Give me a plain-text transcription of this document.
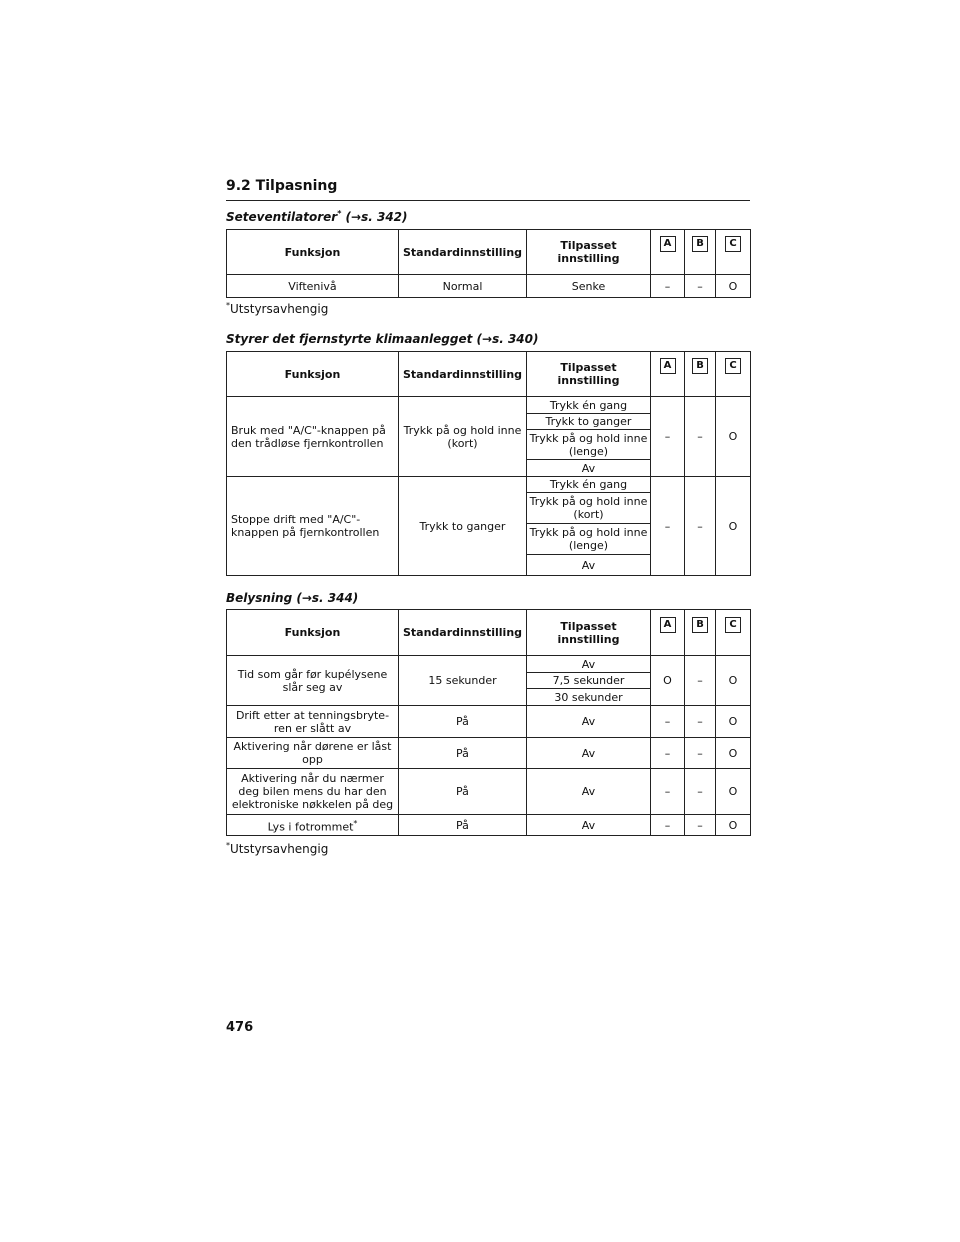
9.2 Tilpasning
Seteventilatorer* (→s. 342)
Funksjon	Standardinnstilling	Tilpasset innstilling	A	B	C
Viftenivå	Normal	Senke	–	–	O
*Utstyrsavhengig
Styrer det fjernstyrte klimaanlegget (→s. 340)
Funksjon	Standardinnstilling	Tilpasset innstilling	A	B	C
Bruk med "A/C"-knappen på den trådløse fjernkontrollen	Trykk på og hold inne (kort)	Trykk én gang	–	–	O
		Trykk to ganger			
		Trykk på og hold inne (lenge)			
		Av			
Stoppe drift med "A/C"-knappen på fjernkontrollen	Trykk to ganger	Trykk én gang	–	–	O
		Trykk på og hold inne (kort)			
		Trykk på og hold inne (lenge)			
		Av			
Belysning (→s. 344)
Funksjon	Standardinnstilling	Tilpasset innstilling	A	B	C
Tid som går før kupélysene slår seg av	15 sekunder	Av	O	–	O
		7,5 sekunder			
		30 sekunder			
Drift etter at tenningsbryte-ren er slått av	På	Av	–	–	O
Aktivering når dørene er låst opp	På	Av	–	–	O
Aktivering når du nærmer deg bilen mens du har den elektroniske nøkkelen på deg	På	Av	–	–	O
Lys i fotrommet*	På	Av	–	–	O
*Utstyrsavhengig
476
